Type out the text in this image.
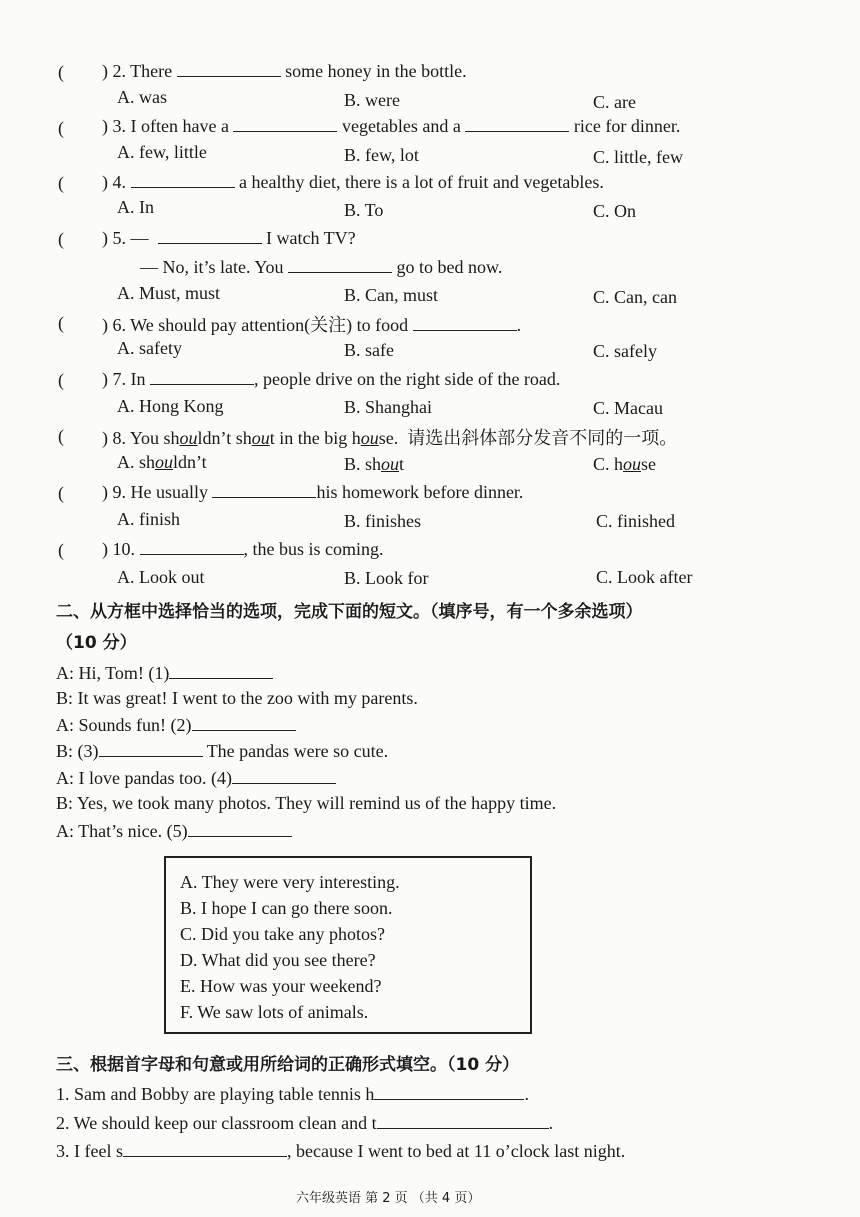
( ) 2. There	some honey in the bottle.
A. was	B. were	C. are
( ) 3. I often have a	vegetables and a	rice for dinner.
A. few, little	B. few, lot	C. little, few
( ) 4.	a healthy diet, there is a lot of fruit and vegetables.
A. In	B. To	C. On
( ) 5. —	I watch TV?
— No, it’s late. You	go to bed now.
A. Must, must	B. Can, must	C. Can, can
( ) 6. We should pay attention(关注) to food	.
A. safety	B. safe	C. safely
( ) 7. In	, people drive on the right side of the road.
A. Hong Kong	B. Shanghai	C. Macau
( ) 8. You shouldn’t shout in the big house. 请选出斜体部分发音不同的一项。
A. shouldn’t	B. shout	C. house
( ) 9. He usually	his homework before dinner.
A. finish	B. finishes	C. finished
( ) 10.	, the bus is coming.
A. Look out	B. Look for	C. Look after
二、从方框中选择恰当的选项，完成下面的短文。（填序号，有一个多余选项）
（10 分）
A: Hi, Tom! (1)
B: It was great! I went to the zoo with my parents.
A: Sounds fun! (2)
B: (3)	The pandas were so cute.
A: I love pandas too. (4)
B: Yes, we took many photos. They will remind us of the happy time.
A: That’s nice. (5)
A. They were very interesting.
B. I hope I can go there soon.
C. Did you take any photos?
D. What did you see there?
E. How was your weekend?
F. We saw lots of animals.
三、根据首字母和句意或用所给词的正确形式填空。（10 分）
1. Sam and Bobby are playing table tennis h	.
2. We should keep our classroom clean and t	.
3. I feel s	, because I went to bed at 11 o’clock last night.
六年级英语 第 2 页 （共 4 页）
